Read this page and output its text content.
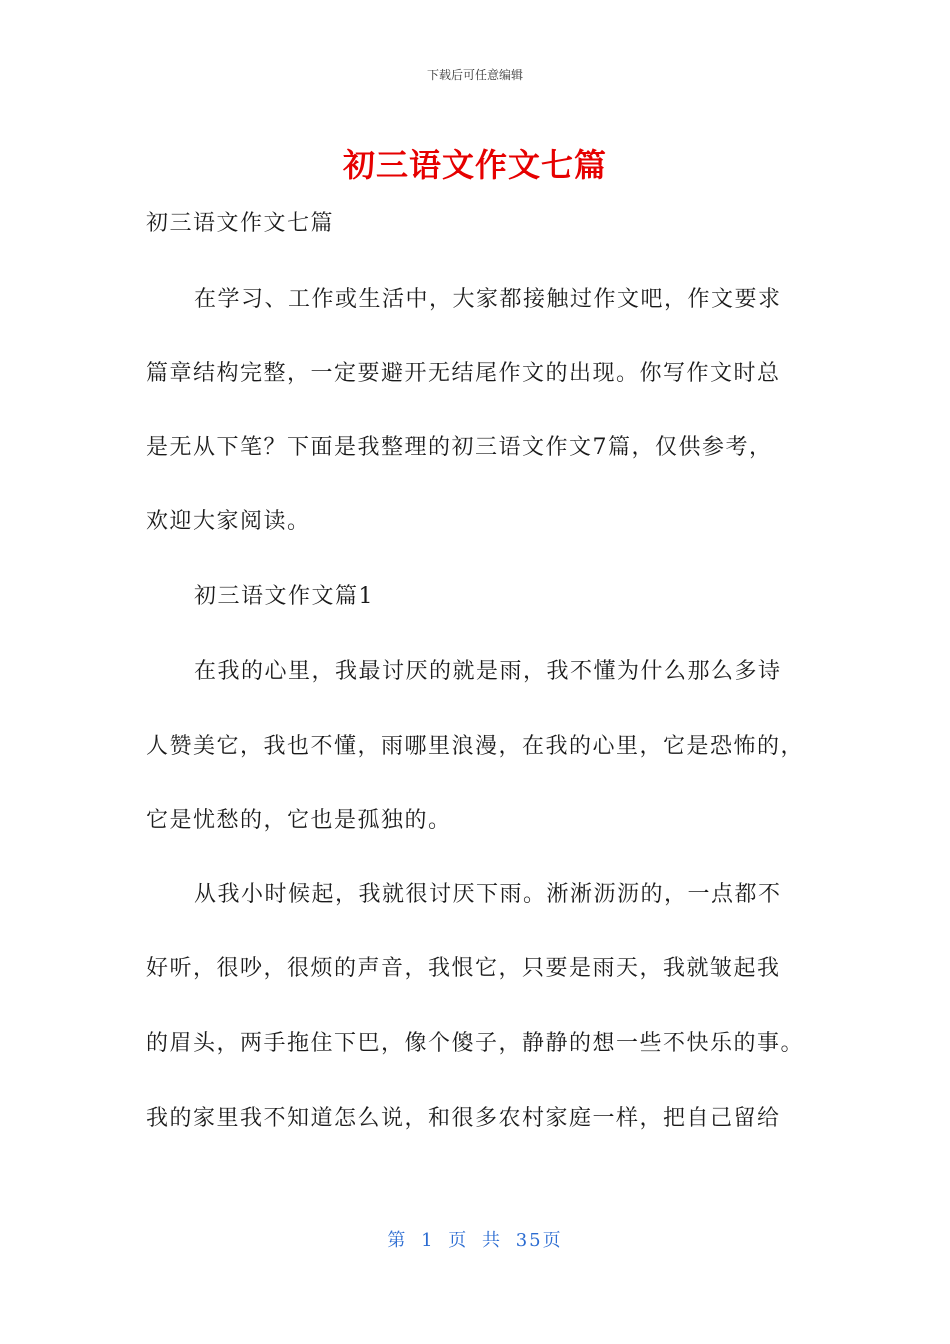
下载后可任意编辑
初三语文作文七篇
初三语文作文七篇
在学习、工作或生活中，大家都接触过作文吧，作文要求
篇章结构完整，一定要避开无结尾作文的出现。你写作文时总
是无从下笔？下面是我整理的初三语文作文7篇，仅供参考，
欢迎大家阅读。
初三语文作文篇1
在我的心里，我最讨厌的就是雨，我不懂为什么那么多诗
人赞美它，我也不懂，雨哪里浪漫，在我的心里，它是恐怖的，
它是忧愁的，它也是孤独的。
从我小时候起，我就很讨厌下雨。淅淅沥沥的，一点都不
好听，很吵，很烦的声音，我恨它，只要是雨天，我就皱起我
的眉头，两手拖住下巴，像个傻子，静静的想一些不快乐的事。
我的家里我不知道怎么说，和很多农村家庭一样，把自己留给
第 1 页 共 35页
